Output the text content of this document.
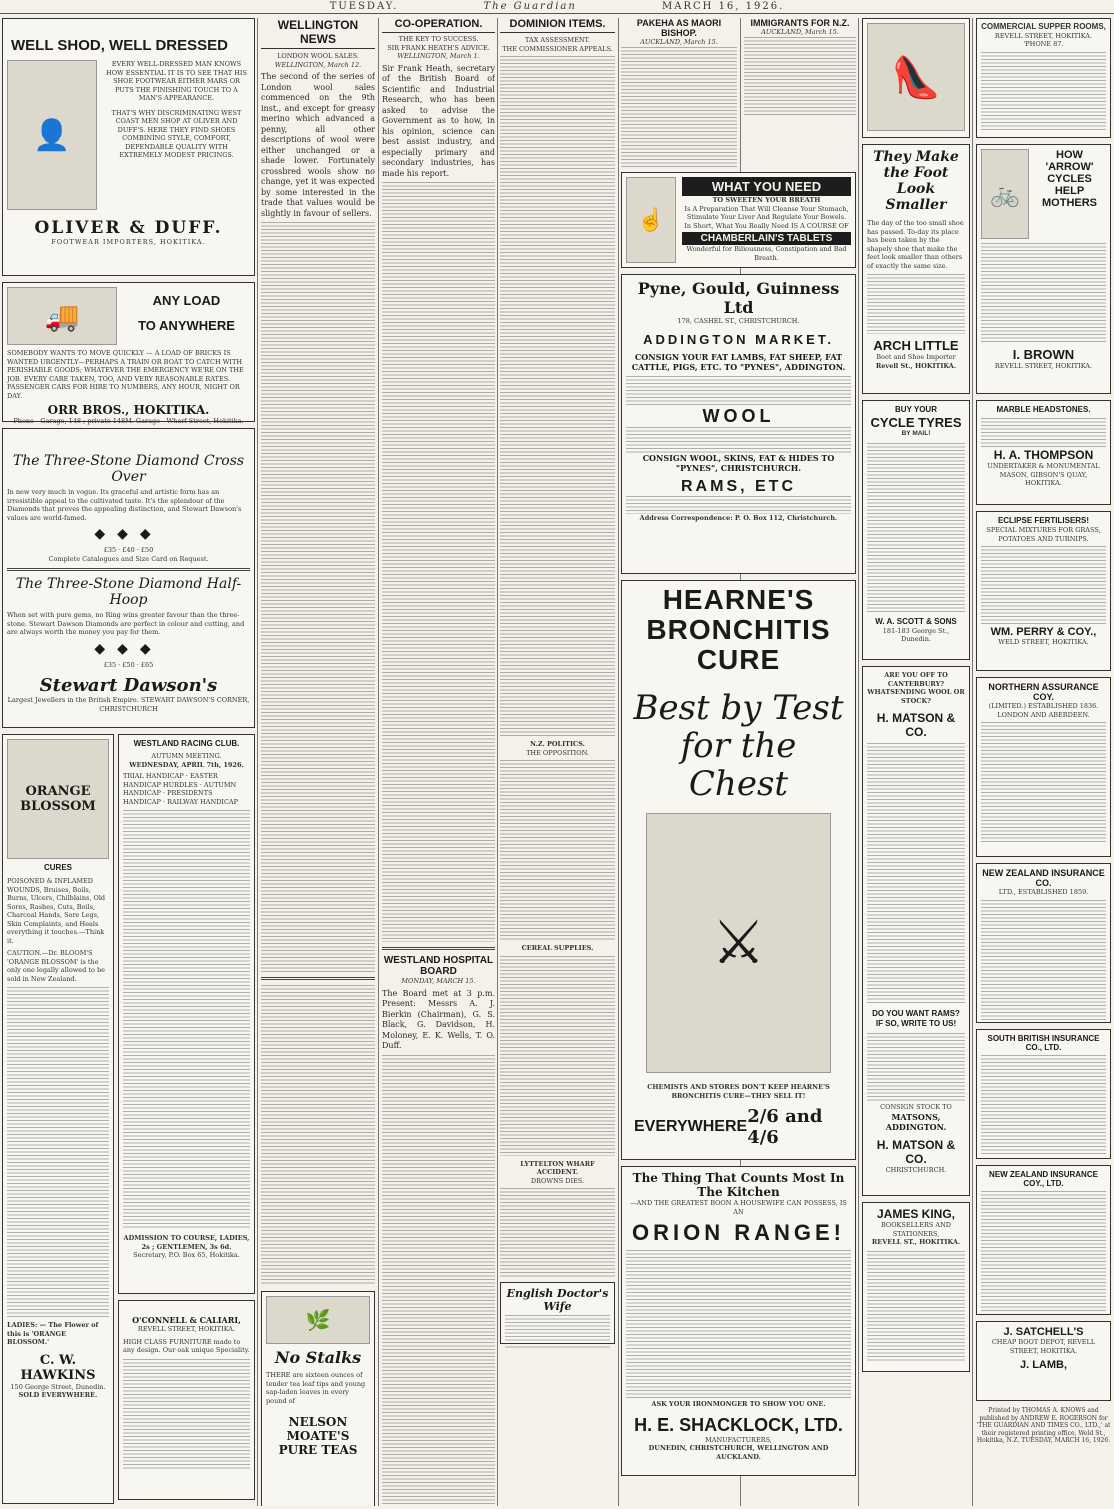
TUESDAY.	The Guardian	MARCH 16, 1926.
WELL SHOD, WELL DRESSED
👤
EVERY WELL-DRESSED MAN KNOWS HOW ESSENTIAL IT IS TO SEE THAT HIS SHOE FOOTWEAR EITHER MARS OR PUTS THE FINISHING TOUCH TO A MAN'S APPEARANCE.
THAT'S WHY DISCRIMINATING WEST COAST MEN SHOP AT OLIVER AND DUFF'S. HERE THEY FIND SHOES COMBINING STYLE, COMFORT, DEPENDABLE QUALITY WITH EXTREMELY MODEST PRICINGS.
OLIVER & DUFF.
FOOTWEAR IMPORTERS, HOKITIKA.
🚚	ANY LOAD
TO ANYWHERE
SOMEBODY WANTS TO MOVE QUICKLY — A LOAD OF BRICKS IS WANTED URGENTLY—PERHAPS A TRAIN OR BOAT TO CATCH WITH PERISHABLE GOODS; WHATEVER THE EMERGENCY WE'RE ON THE JOB. EVERY CARE TAKEN, TOO, AND VERY REASONABLE RATES. PASSENGER CARS FOR HIRE TO NUMBERS, ANY HOUR, NIGHT OR DAY.
ORR BROS., HOKITIKA.
Phone—Garage, 148 ; private 148M. Garage—Wharf Street, Hokitika.
The Three-Stone Diamond Cross Over
In new very much in vogue. Its graceful and artistic form has an irresistible appeal to the cultivated taste. It's the splendour of the Diamonds that proves the appealing distinction, and Stewart Dawson's values are world-famed.
◆◆◆
£35 · £40 · £50
Complete Catalogues and Size Card on Request.
The Three-Stone Diamond Half-Hoop
When set with pure gems, no Ring wins greater favour than the three-stone. Stewart Dawson Diamonds are perfect in colour and cutting, and are always worth the money you pay for them.
◆◆◆
£35 · £50 · £65
Stewart Dawson's
Largest Jewellers in the British Empire. STEWART DAWSON'S CORNER, CHRISTCHURCH
ORANGE BLOSSOM
CURES
POISONED & INFLAMED WOUNDS, Bruises, Boils, Burns, Ulcers, Chilblains, Old Sores, Rashes, Cuts, Boils, Charcoal Hands, Sore Legs, Skin Complaints, and Heals everything it touches.—Think it.
CAUTION.—Dr. BLOOM'S 'ORANGE BLOSSOM' is the only one legally allowed to be sold in New Zealand.
LADIES: — The Flower of this is 'ORANGE BLOSSOM.'
C. W. HAWKINS
150 George Street, Dunedin.
SOLD EVERYWHERE.
WESTLAND RACING CLUB.
AUTUMN MEETING.
WEDNESDAY, APRIL 7th, 1926.
TRIAL HANDICAP · EASTER HANDICAP HURDLES · AUTUMN HANDICAP · PRESIDENTS HANDICAP · RAILWAY HANDICAP
ADMISSION TO COURSE, LADIES, 2s ; GENTLEMEN, 3s 6d.
Secretary, P.O. Box 65, Hokitika.
O'CONNELL & CALIARI,
REVELL STREET, HOKITIKA.
HIGH CLASS FURNITURE made to any design. Our oak unique Speciality.
WELLINGTON NEWS
LONDON WOOL SALES.
WELLINGTON, March 12.
The second of the series of London wool sales commenced on the 9th inst., and except for greasy merino which advanced a penny, all other descriptions of wool were either unchanged or a shade lower. Fortunately crossbred wools show no change, yet it was expected by some interested in the trade that values would be slightly in favour of sellers.
🌿
No Stalks
THERE are sixteen ounces of tender tea leaf tips and young sap-laden leaves in every pound of
NELSON MOATE'S PURE TEAS
CO-OPERATION.
THE KEY TO SUCCESS.
SIR FRANK HEATH'S ADVICE.
WELLINGTON, March 1.
Sir Frank Heath, secretary of the British Board of Scientific and Industrial Research, who has been asked to advise the Government as to how, in his opinion, science can best assist industry, and especially primary and secondary industries, has made his report.
WESTLAND HOSPITAL BOARD
MONDAY, MARCH 15.
The Board met at 3 p.m. Present: Messrs A. J. Bierkin (Chairman), G. S. Black, G. Davidson, H. Moloney, E. K. Wells, T. O. Duff.
DOMINION ITEMS.
TAX ASSESSMENT.
THE COMMISSIONER APPEALS.
N.Z. POLITICS.
THE OPPOSITION.
CEREAL SUPPLIES.
LYTTELTON WHARF ACCIDENT.
DROWNS DIES.
English Doctor's Wife
PAKEHA AS MAORI BISHOP.
AUCKLAND, March 15.
IMMIGRANTS FOR N.Z.
AUCKLAND, March 15.
☝
WHAT YOU NEED
TO SWEETEN YOUR BREATH
Is A Preparation That Will Cleanse Your Stomach, Stimulate Your Liver And Regulate Your Bowels.
In Short, What You Really Need IS A COURSE OF
CHAMBERLAIN'S TABLETS
Wonderful for Biliousness, Constipation and Bad Breath.
Pyne, Gould, Guinness Ltd
178, CASHEL ST., CHRISTCHURCH.
ADDINGTON MARKET.
CONSIGN YOUR FAT LAMBS, FAT SHEEP, FAT CATTLE, PIGS, ETC. TO "PYNES", ADDINGTON.
WOOL
CONSIGN WOOL, SKINS, FAT & HIDES TO "PYNES", CHRISTCHURCH.
RAMS, ETC
Address Correspondence: P. O. Box 112, Christchurch.
HEARNE'S BRONCHITIS CURE
Best by Test for the Chest
⚔
CHEMISTS AND STORES DON'T KEEP HEARNE'S BRONCHITIS CURE—THEY SELL IT!
EVERYWHERE 2/6 and 4/6
The Thing That Counts Most In The Kitchen
—AND THE GREATEST BOON A HOUSEWIFE CAN POSSESS, IS AN
ORION RANGE!
ASK YOUR IRONMONGER TO SHOW YOU ONE.
H. E. SHACKLOCK, LTD.
MANUFACTURERS,
DUNEDIN, CHRISTCHURCH, WELLINGTON AND AUCKLAND.
👠
They Make the Foot Look Smaller
The day of the too small shoe has passed. To-day its place has been taken by the shapely shoe that make the feet look smaller than others of exactly the same size.
ARCH LITTLE
Boot and Shoe Importer
Revell St., HOKITIKA.
BUY YOUR
CYCLE TYRES
BY MAIL!
W. A. SCOTT & SONS
181-183 George St., Dunedin.
ARE YOU OFF TO CANTERBURY?
WHATSENDING WOOL OR STOCK?
H. MATSON & CO.
DO YOU WANT RAMS?
IF SO, WRITE TO US!
CONSIGN STOCK TO
MATSONS, ADDINGTON.
H. MATSON & CO.
CHRISTCHURCH.
JAMES KING,
BOOKSELLERS AND STATIONERS,
REVELL ST., HOKITIKA.
COMMERCIAL SUPPER ROOMS,
REVELL STREET, HOKITIKA. 'PHONE 87.
🚲
HOW
'ARROW'
CYCLES
HELP
MOTHERS
I. BROWN
REVELL STREET, HOKITIKA.
MARBLE HEADSTONES.
H. A. THOMPSON
UNDERTAKER & MONUMENTAL MASON, GIBSON'S QUAY, HOKITIKA.
ECLIPSE FERTILISERS!
SPECIAL MIXTURES FOR GRASS, POTATOES AND TURNIPS.
WM. PERRY & COY.,
WELD STREET, HOKITIKA.
NORTHERN ASSURANCE COY.
(LIMITED.) ESTABLISHED 1836.
LONDON AND ABERDEEN.
NEW ZEALAND INSURANCE CO.
LTD., ESTABLISHED 1859.
SOUTH BRITISH INSURANCE CO., LTD.
NEW ZEALAND INSURANCE COY., LTD.
J. SATCHELL'S
CHEAP BOOT DEPOT, REVELL STREET, HOKITIKA.
J. LAMB,
Printed by THOMAS A. KNOWS and published by ANDREW E. ROGERSON for 'THE GUARDIAN AND TIMES CO., LTD.,' at their registered printing office, Weld St., Hokitika, N.Z. TUESDAY, MARCH 16, 1926.
